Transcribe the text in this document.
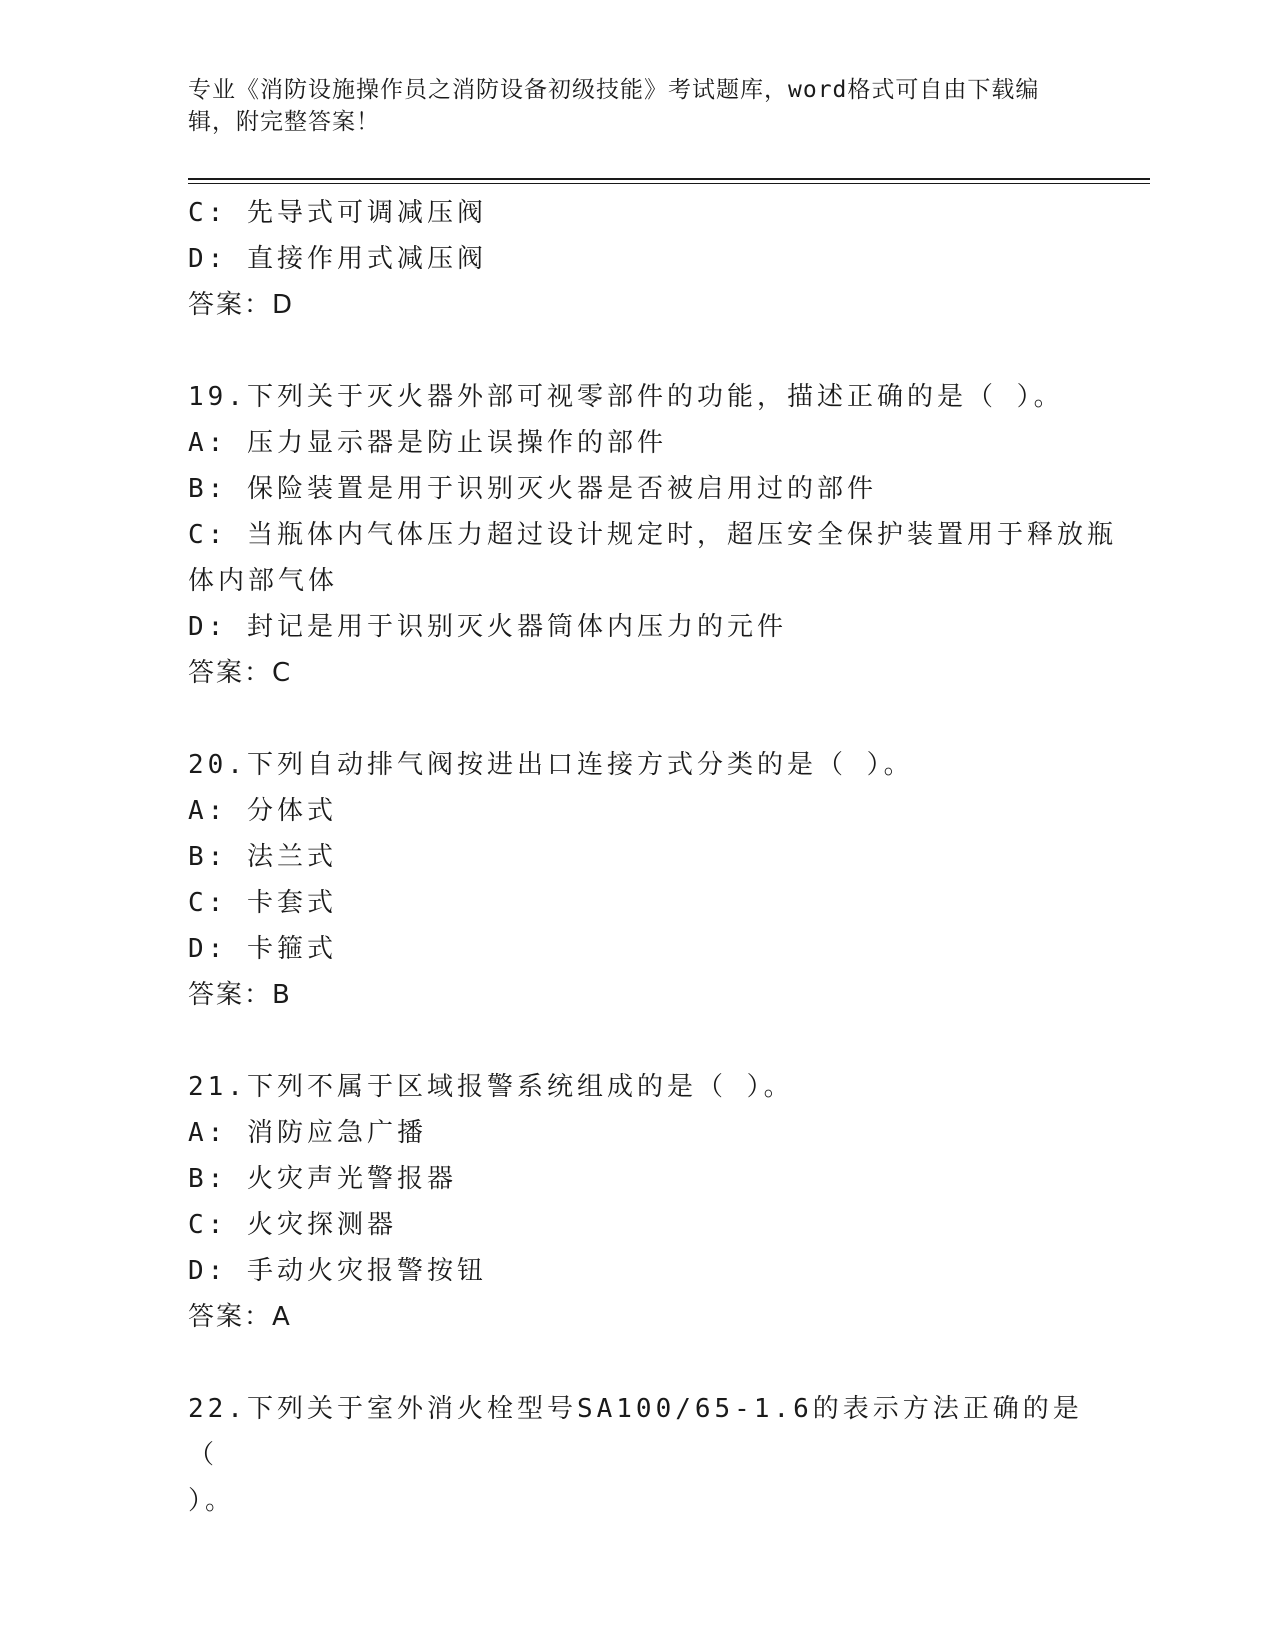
专业《消防设施操作员之消防设备初级技能》考试题库，word格式可自由下载编
辑，附完整答案！
C: 先导式可调减压阀
D: 直接作用式减压阀
答案：D
19.下列关于灭火器外部可视零部件的功能，描述正确的是（ ）。
A: 压力显示器是防止误操作的部件
B: 保险装置是用于识别灭火器是否被启用过的部件
C: 当瓶体内气体压力超过设计规定时，超压安全保护装置用于释放瓶
体内部气体
D: 封记是用于识别灭火器筒体内压力的元件
答案：C
20.下列自动排气阀按进出口连接方式分类的是（ ）。
A: 分体式
B: 法兰式
C: 卡套式
D: 卡箍式
答案：B
21.下列不属于区域报警系统组成的是（ ）。
A: 消防应急广播
B: 火灾声光警报器
C: 火灾探测器
D: 手动火灾报警按钮
答案：A
22.下列关于室外消火栓型号SA100/65-1.6的表示方法正确的是（
）。
